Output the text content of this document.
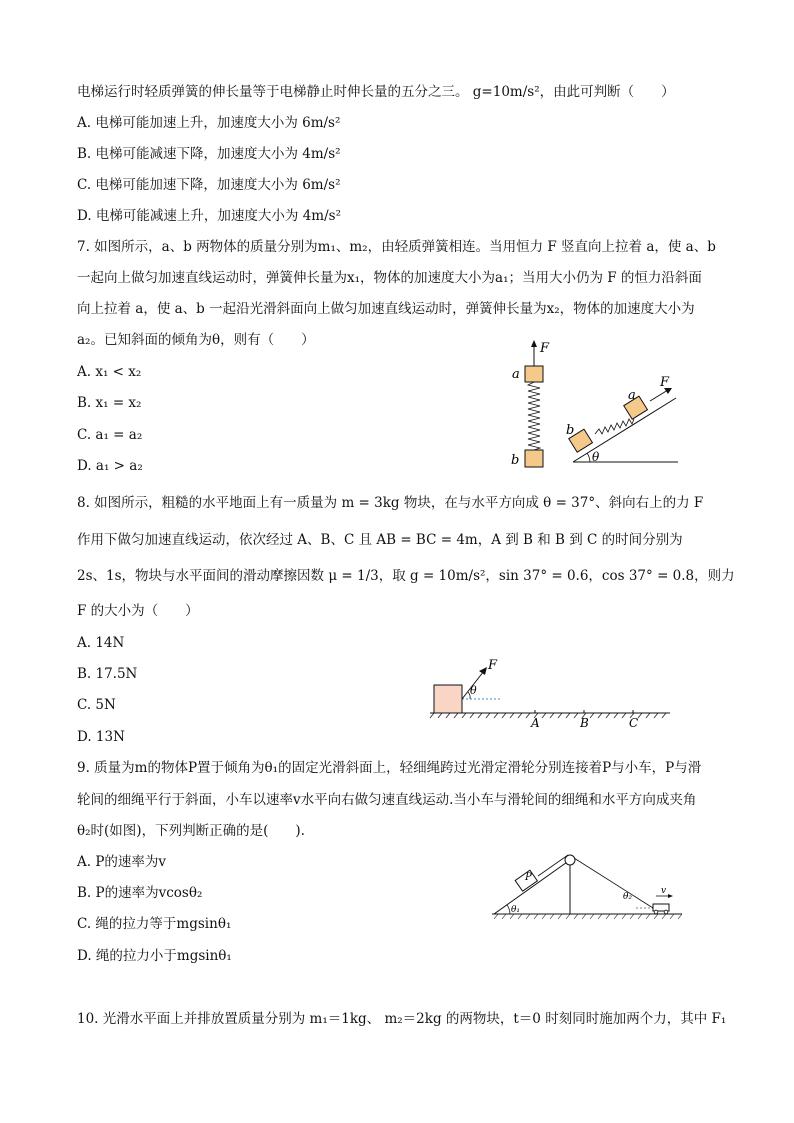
电梯运行时轻质弹簧的伸长量等于电梯静止时伸长量的五分之三。 g=10m/s²，由此可判断（　　）
A. 电梯可能加速上升，加速度大小为 6m/s²
B. 电梯可能减速下降，加速度大小为 4m/s²
C. 电梯可能加速下降，加速度大小为 6m/s²
D. 电梯可能减速上升，加速度大小为 4m/s²
7. 如图所示，a、b 两物体的质量分别为m₁、m₂，由轻质弹簧相连。当用恒力 F 竖直向上拉着 a，使 a、b
一起向上做匀加速直线运动时，弹簧伸长量为x₁，物体的加速度大小为a₁；当用大小仍为 F 的恒力沿斜面
向上拉着 a，使 a、b 一起沿光滑斜面向上做匀加速直线运动时，弹簧伸长量为x₂，物体的加速度大小为
a₂。已知斜面的倾角为θ，则有（　　）
A. x₁ < x₂
B. x₁ = x₂
C. a₁ = a₂
D. a₁ > a₂
F
a
b	θ
b
a
F
8. 如图所示，粗糙的水平地面上有一质量为 m = 3kg 物块，在与水平方向成 θ = 37°、斜向右上的力 F
作用下做匀加速直线运动，依次经过 A、B、C 且 AB = BC = 4m，A 到 B 和 B 到 C 的时间分别为
2s、1s，物块与水平面间的滑动摩擦因数 μ = 1/3，取 g = 10m/s²，sin 37° = 0.6，cos 37° = 0.8，则力
F 的大小为（　　）
A. 14N
B. 17.5N
C. 5N
D. 13N
F
θ
A	B	C
9. 质量为m的物体P置于倾角为θ₁的固定光滑斜面上，轻细绳跨过光滑定滑轮分别连接着P与小车，P与滑
轮间的细绳平行于斜面，小车以速率v水平向右做匀速直线运动.当小车与滑轮间的细绳和水平方向成夹角
θ₂时(如图)，下列判断正确的是(　　).
A. P的速率为v
B. P的速率为vcosθ₂
C. 绳的拉力等于mgsinθ₁
D. 绳的拉力小于mgsinθ₁
P
θ₁
θ₂
v
10. 光滑水平面上并排放置质量分别为 m₁＝1kg、 m₂＝2kg 的两物块，t＝0 时刻同时施加两个力，其中 F₁
